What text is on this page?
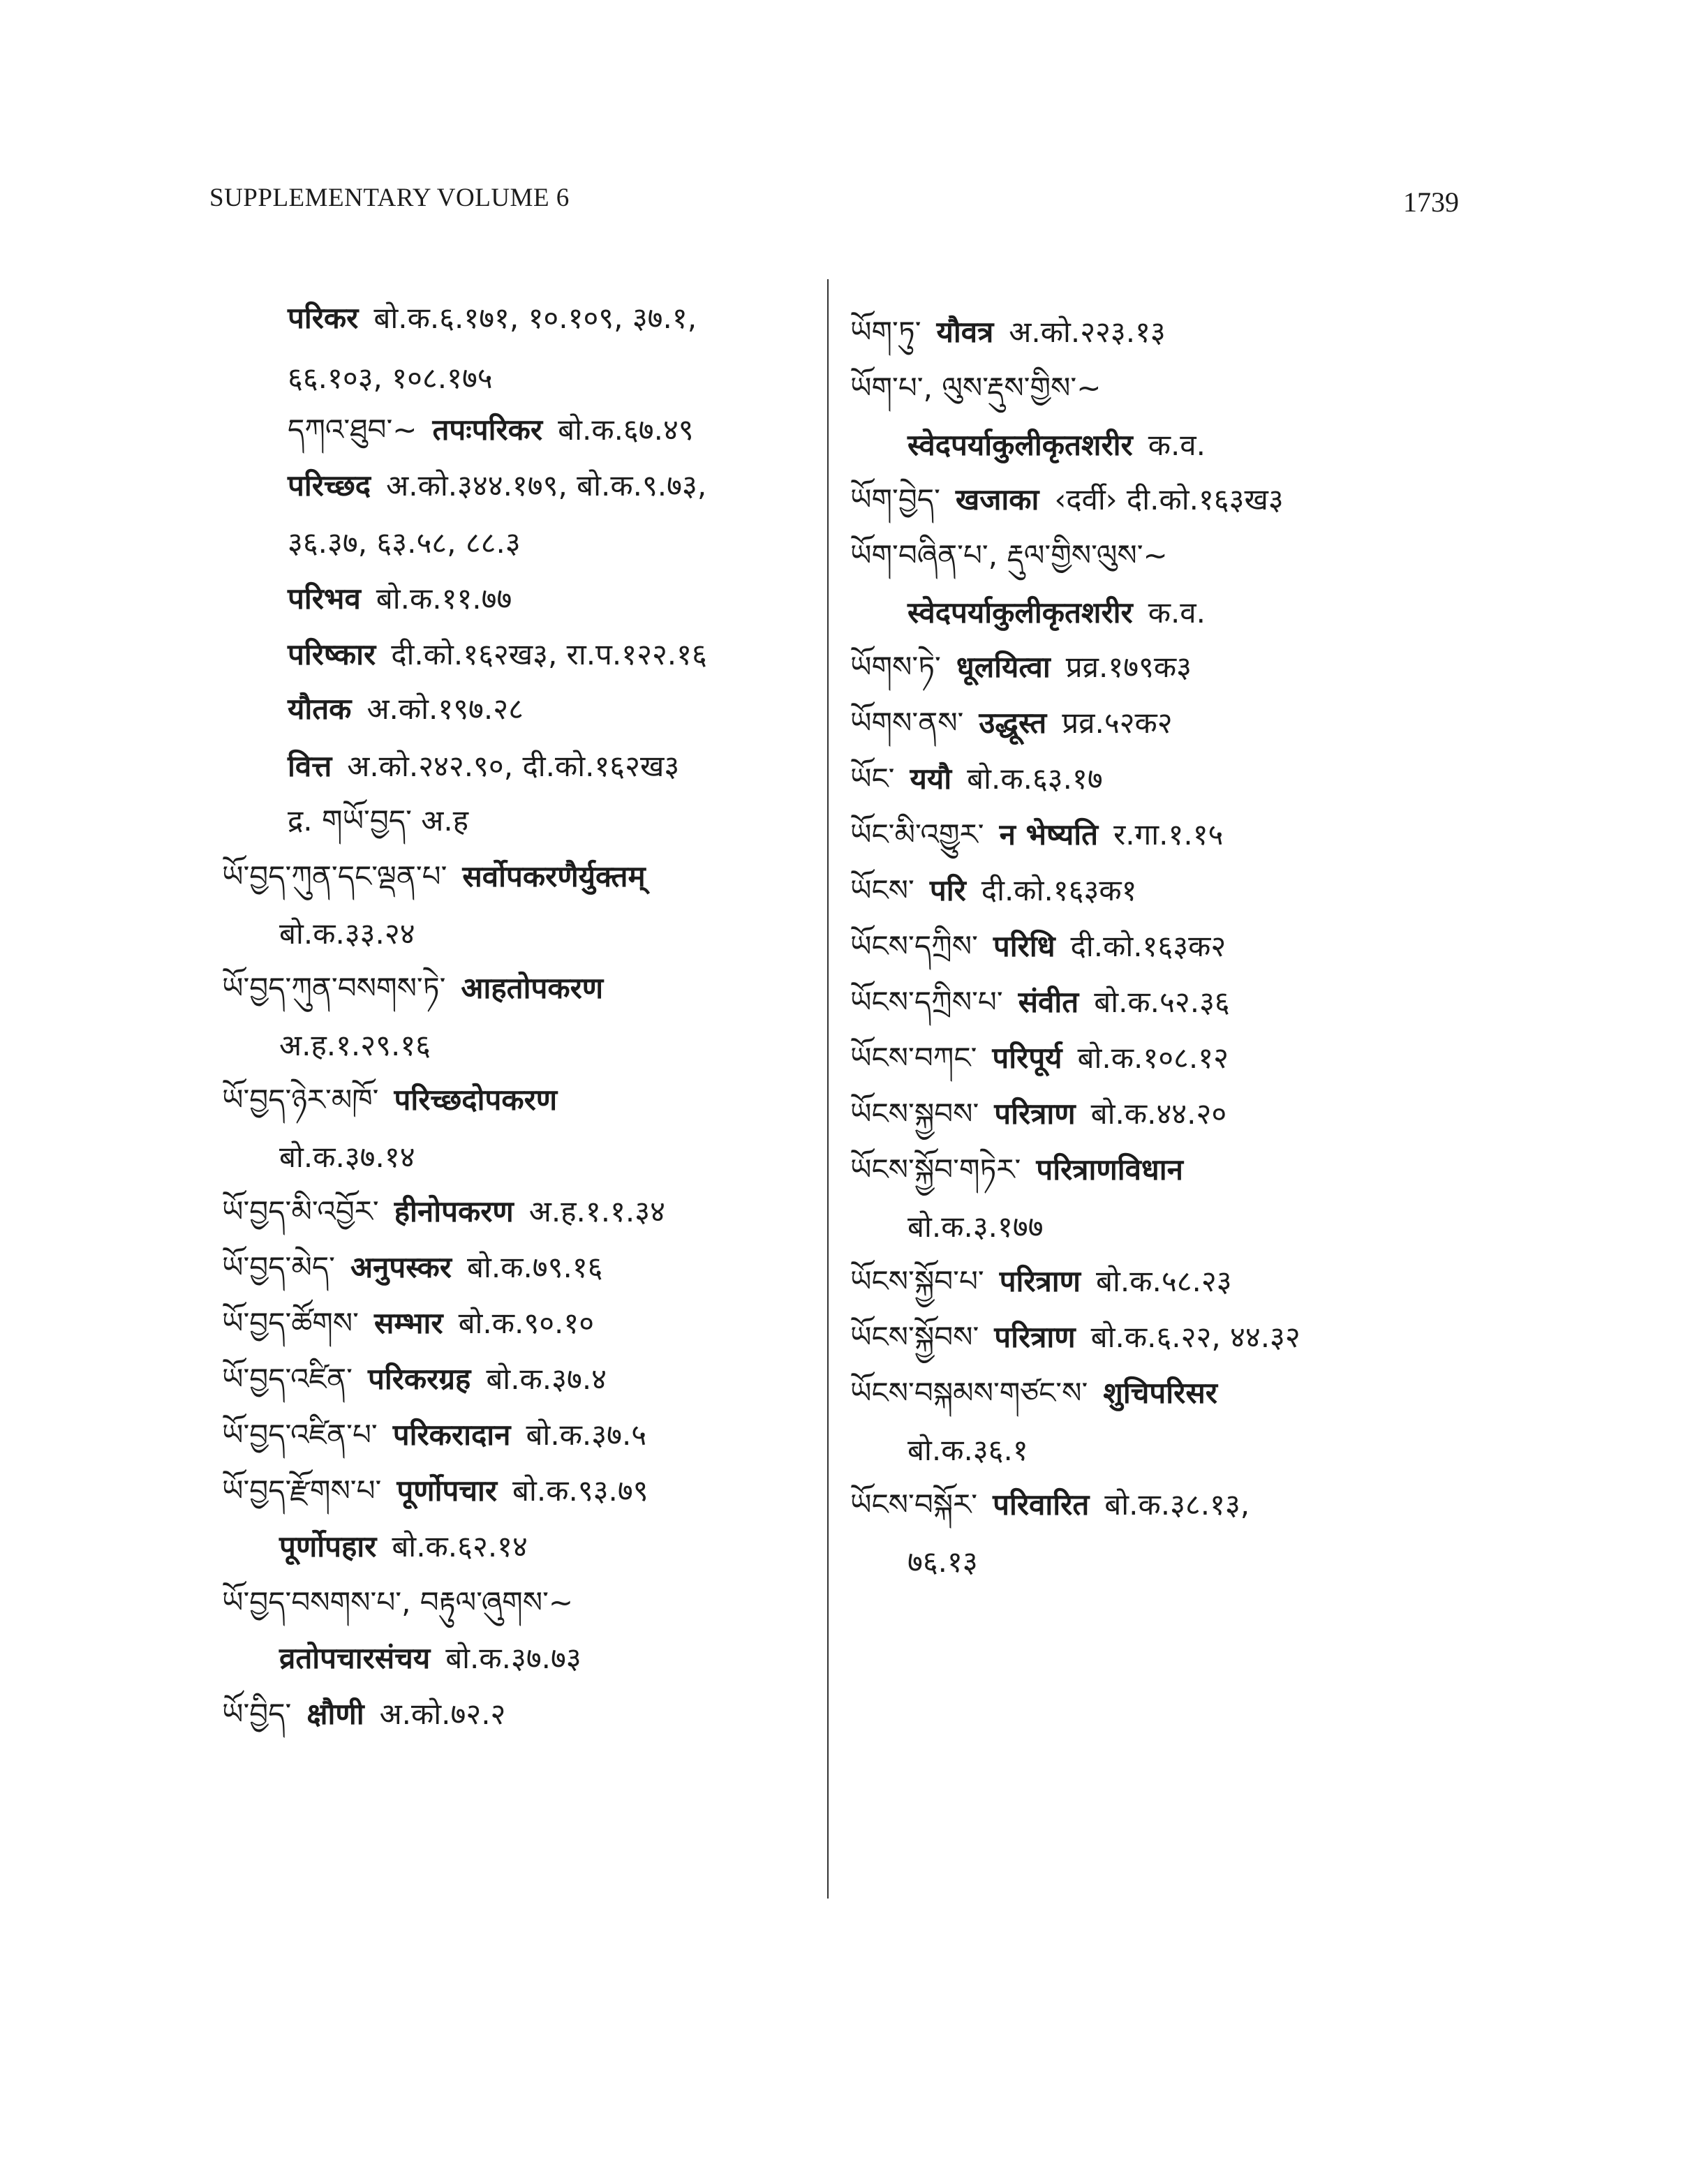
SUPPLEMENTARY VOLUME 6	1739
परिकर बो.क.६.१७१, १०.१०९, ३७.१,
६६.१०३, १०८.१७५
དཀའ་ཐུབ་~ तपःपरिकर बो.क.६७.४९
परिच्छद अ.को.३४४.१७९, बो.क.९.७३,
३६.३७, ६३.५८, ८८.३
परिभव बो.क.११.७७
परिष्कार दी.को.१६२ख३, रा.प.१२२.१६
यौतक अ.को.१९७.२८
वित्त अ.को.२४२.९०, दी.को.१६२ख३
द्र. གཡོ་བྱད་ अ.ह
ཡོ་བྱད་ཀུན་དང་ལྡན་པ་ सर्वोपकरणैर्युक्तम्
बो.क.३३.२४
ཡོ་བྱད་ཀུན་བསགས་ཏེ་ आहतोपकरण
अ.ह.१.२९.१६
ཡོ་བྱད་ཉེར་མཁོ་ परिच्छदोपकरण
बो.क.३७.१४
ཡོ་བྱད་མི་འབྱོར་ हीनोपकरण अ.ह.१.१.३४
ཡོ་བྱད་མེད་ अनुपस्कर बो.क.७९.१६
ཡོ་བྱད་ཚོགས་ सम्भार बो.क.९०.१०
ཡོ་བྱད་འཛིན་ परिकरग्रह बो.क.३७.४
ཡོ་བྱད་འཛིན་པ་ परिकरादान बो.क.३७.५
ཡོ་བྱད་རྫོགས་པ་ पूर्णोपचार बो.क.९३.७९
पूर्णोपहार बो.क.६२.१४
ཡོ་བྱད་བསགས་པ་, བརྟུལ་ཞུགས་~
व्रतोपचारसंचय बो.क.३७.७३
ཡོ་བྱིད་ क्षौणी अ.को.७२.२
ཡོག་ཏུ་ यौवत्र अ.को.२२३.१३
ཡོག་པ་, ལུས་རྡུས་གྱིས་~
स्वेदपर्याकुलीकृतशरीर क.व.
ཡོག་བྱེད་ खजाका ‹दर्वी› दी.को.१६३ख३
ཡོག་བཞིན་པ་, རྡུལ་གྱིས་ལུས་~
स्वेदपर्याकुलीकृतशरीर क.व.
ཡོགས་ཏེ་ धूलयित्वा प्रव्र.१७९क३
ཡོགས་ནས་ उद्धूस्त प्रव्र.५२क२
ཡོང་ ययौ बो.क.६३.१७
ཡོང་མི་འགྱུར་ न भेष्यति र.गा.१.१५
ཡོངས་ परि दी.को.१६३क१
ཡོངས་དཀྲིས་ परिधि दी.को.१६३क२
ཡོངས་དཀྲིས་པ་ संवीत बो.क.५२.३६
ཡོངས་བཀང་ परिपूर्य बो.क.१०८.१२
ཡོངས་སྐྱབས་ परित्राण बो.क.४४.२०
ཡོངས་སྐྱོབ་གཏེར་ परित्राणविधान
बो.क.३.१७७
ཡོངས་སྐྱོབ་པ་ परित्राण बो.क.५८.२३
ཡོངས་སྐྱོབས་ परित्राण बो.क.६.२२, ४४.३२
ཡོངས་བསྐམས་གཙང་ས་ शुचिपरिसर
बो.क.३६.१
ཡོངས་བསྐོར་ परिवारित बो.क.३८.१३,
७६.१३
